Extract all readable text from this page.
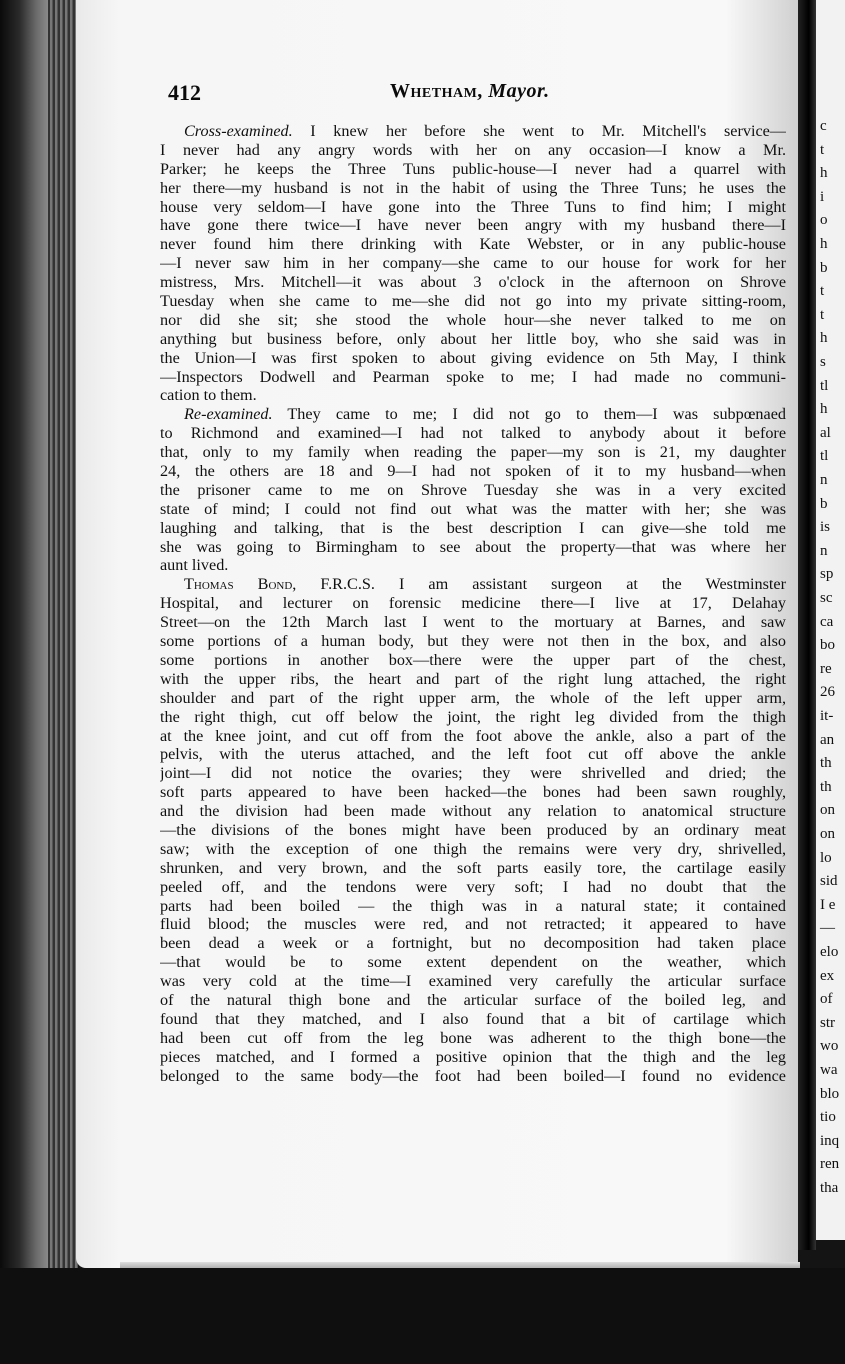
c
t
h
i
o
h
b
t
t
h
s
tl
h
al
tl
n
b
is
n
sp
sc
ca
bo
re
26
it-
an
th
th
on
on
lo
sid
I e
—
elo
ex
of
str
wo
wa
blo
tio
inq
ren
tha
412	Whetham, Mayor.
Cross-examined. I knew her before she went to Mr. Mitchell's service—
I never had any angry words with her on any occasion—I know a Mr.
Parker; he keeps the Three Tuns public-house—I never had a quarrel with
her there—my husband is not in the habit of using the Three Tuns; he uses the
house very seldom—I have gone into the Three Tuns to find him; I might
have gone there twice—I have never been angry with my husband there—I
never found him there drinking with Kate Webster, or in any public-house
—I never saw him in her company—she came to our house for work for her
mistress, Mrs. Mitchell—it was about 3 o'clock in the afternoon on Shrove
Tuesday when she came to me—she did not go into my private sitting-room,
nor did she sit; she stood the whole hour—she never talked to me on
anything but business before, only about her little boy, who she said was in
the Union—I was first spoken to about giving evidence on 5th May, I think
—Inspectors Dodwell and Pearman spoke to me; I had made no communi-
cation to them.
Re-examined. They came to me; I did not go to them—I was subpœnaed
to Richmond and examined—I had not talked to anybody about it before
that, only to my family when reading the paper—my son is 21, my daughter
24, the others are 18 and 9—I had not spoken of it to my husband—when
the prisoner came to me on Shrove Tuesday she was in a very excited
state of mind; I could not find out what was the matter with her; she was
laughing and talking, that is the best description I can give—she told me
she was going to Birmingham to see about the property—that was where her
aunt lived.
Thomas Bond, F.R.C.S. I am assistant surgeon at the Westminster
Hospital, and lecturer on forensic medicine there—I live at 17, Delahay
Street—on the 12th March last I went to the mortuary at Barnes, and saw
some portions of a human body, but they were not then in the box, and also
some portions in another box—there were the upper part of the chest,
with the upper ribs, the heart and part of the right lung attached, the right
shoulder and part of the right upper arm, the whole of the left upper arm,
the right thigh, cut off below the joint, the right leg divided from the thigh
at the knee joint, and cut off from the foot above the ankle, also a part of the
pelvis, with the uterus attached, and the left foot cut off above the ankle
joint—I did not notice the ovaries; they were shrivelled and dried; the
soft parts appeared to have been hacked—the bones had been sawn roughly,
and the division had been made without any relation to anatomical structure
—the divisions of the bones might have been produced by an ordinary meat
saw; with the exception of one thigh the remains were very dry, shrivelled,
shrunken, and very brown, and the soft parts easily tore, the cartilage easily
peeled off, and the tendons were very soft; I had no doubt that the
parts had been boiled — the thigh was in a natural state; it contained
fluid blood; the muscles were red, and not retracted; it appeared to have
been dead a week or a fortnight, but no decomposition had taken place
—that would be to some extent dependent on the weather, which
was very cold at the time—I examined very carefully the articular surface
of the natural thigh bone and the articular surface of the boiled leg, and
found that they matched, and I also found that a bit of cartilage which
had been cut off from the leg bone was adherent to the thigh bone—the
pieces matched, and I formed a positive opinion that the thigh and the leg
belonged to the same body—the foot had been boiled—I found no evidence
